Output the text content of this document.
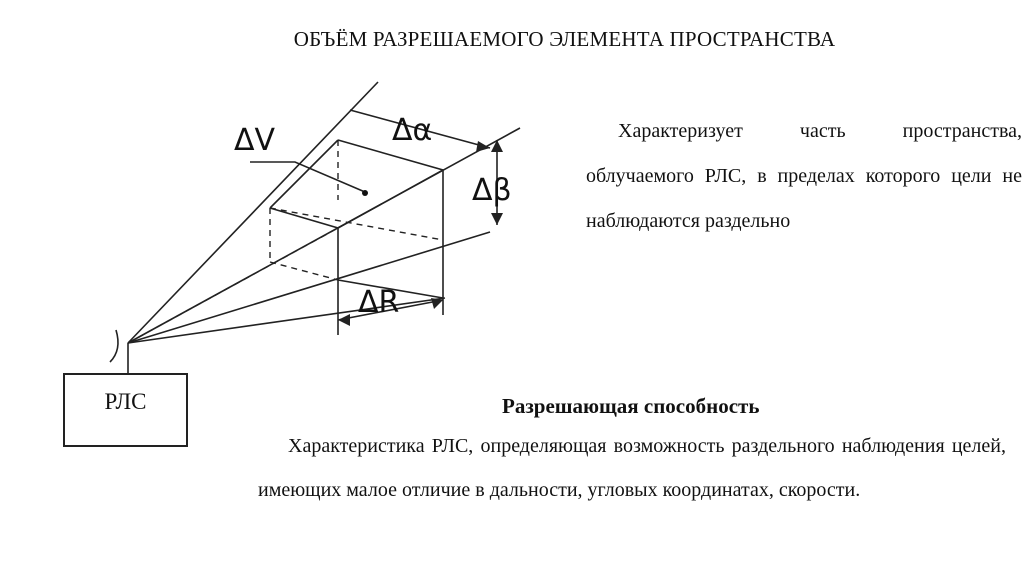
ОБЪЁМ РАЗРЕШАЕМОГО ЭЛЕМЕНТА ПРОСТРАНСТВА
Характеризует часть пространства, облучаемого РЛС, в пределах которого цели не наблюдаются раздельно
ΔV	Δα
Δβ
ΔR
РЛС	Разрешающая способность
Характеристика РЛС, определяющая возможность раздельного наблюдения целей, имеющих малое отличие в дальности, угловых координатах, скорости.
